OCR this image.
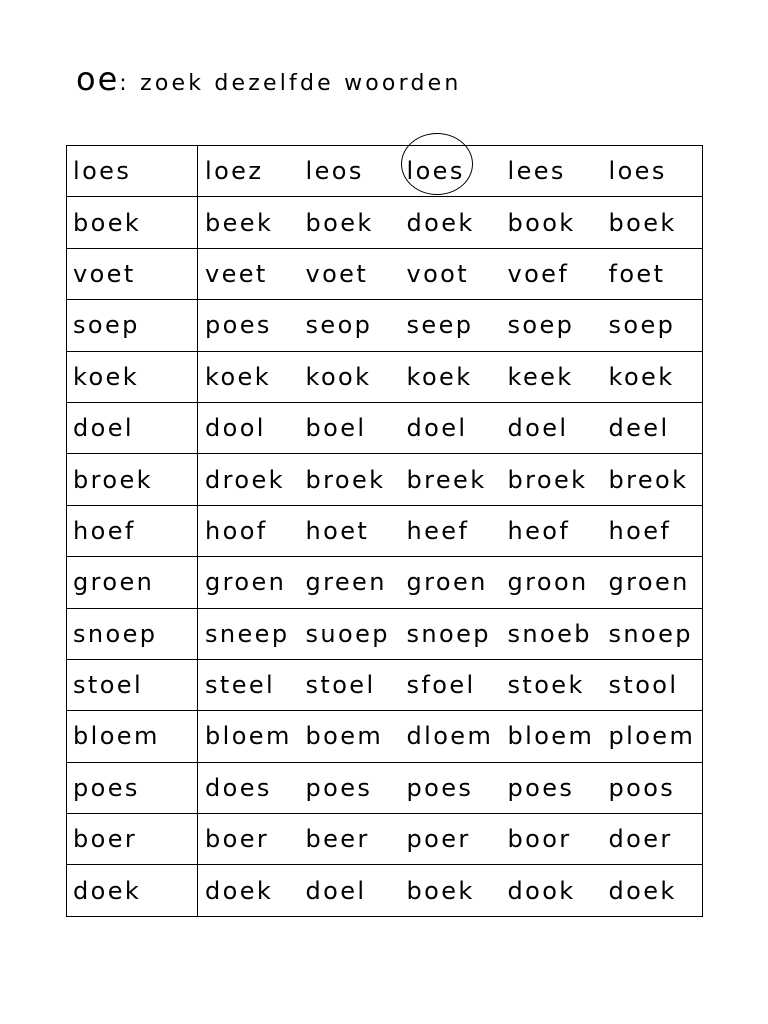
oe : zoek dezelfde woorden
loes	loez	leos	loes	lees	loes
boek	beek	boek	doek	book	boek
voet	veet	voet	voot	voef	foet
soep	poes	seop	seep	soep	soep
koek	koek	kook	koek	keek	koek
doel	dool	boel	doel	doel	deel
broek	droek	broek	breek	broek	breok
hoef	hoof	hoet	heef	heof	hoef
groen	groen	green	groen	groon	groen
snoep	sneep	suoep	snoep	snoeb	snoep
stoel	steel	stoel	sfoel	stoek	stool
bloem	bloem	boem	dloem	bloem	ploem
poes	does	poes	poes	poes	poos
boer	boer	beer	poer	boor	doer
doek	doek	doel	boek	dook	doek
